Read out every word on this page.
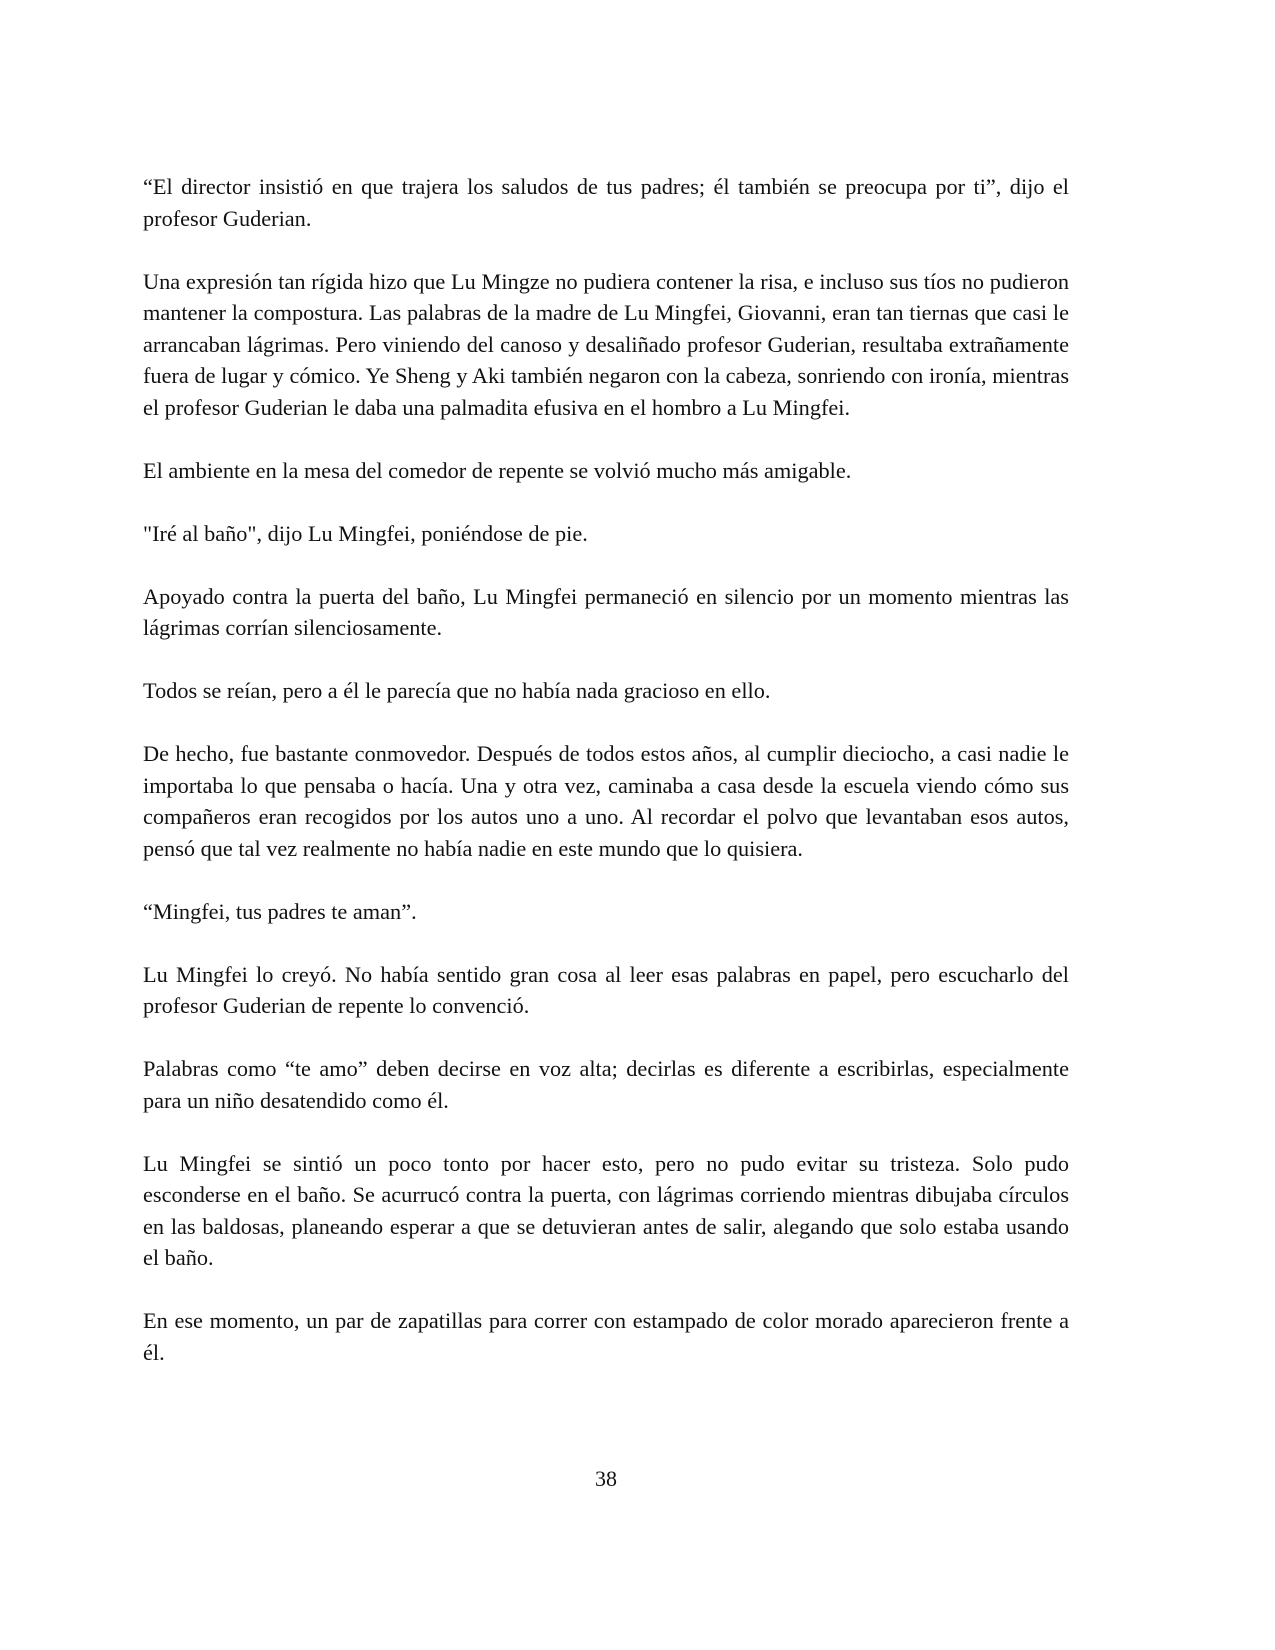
“El director insistió en que trajera los saludos de tus padres; él también se preocupa por ti”, dijo el profesor Guderian.

Una expresión tan rígida hizo que Lu Mingze no pudiera contener la risa, e incluso sus tíos no pudieron mantener la compostura. Las palabras de la madre de Lu Mingfei, Giovanni, eran tan tiernas que casi le arrancaban lágrimas. Pero viniendo del canoso y desaliñado profesor Guderian, resultaba extrañamente fuera de lugar y cómico. Ye Sheng y Aki también negaron con la cabeza, sonriendo con ironía, mientras el profesor Guderian le daba una palmadita efusiva en el hombro a Lu Mingfei.

El ambiente en la mesa del comedor de repente se volvió mucho más amigable.

"Iré al baño", dijo Lu Mingfei, poniéndose de pie.

Apoyado contra la puerta del baño, Lu Mingfei permaneció en silencio por un momento mientras las lágrimas corrían silenciosamente.

Todos se reían, pero a él le parecía que no había nada gracioso en ello.

De hecho, fue bastante conmovedor. Después de todos estos años, al cumplir dieciocho, a casi nadie le importaba lo que pensaba o hacía. Una y otra vez, caminaba a casa desde la escuela viendo cómo sus compañeros eran recogidos por los autos uno a uno. Al recordar el polvo que levantaban esos autos, pensó que tal vez realmente no había nadie en este mundo que lo quisiera.

“Mingfei, tus padres te aman”.

Lu Mingfei lo creyó. No había sentido gran cosa al leer esas palabras en papel, pero escucharlo del profesor Guderian de repente lo convenció.

Palabras como “te amo” deben decirse en voz alta; decirlas es diferente a escribirlas, especialmente para un niño desatendido como él.

Lu Mingfei se sintió un poco tonto por hacer esto, pero no pudo evitar su tristeza. Solo pudo esconderse en el baño. Se acurrucó contra la puerta, con lágrimas corriendo mientras dibujaba círculos en las baldosas, planeando esperar a que se detuvieran antes de salir, alegando que solo estaba usando el baño.

En ese momento, un par de zapatillas para correr con estampado de color morado aparecieron frente a él.

38
